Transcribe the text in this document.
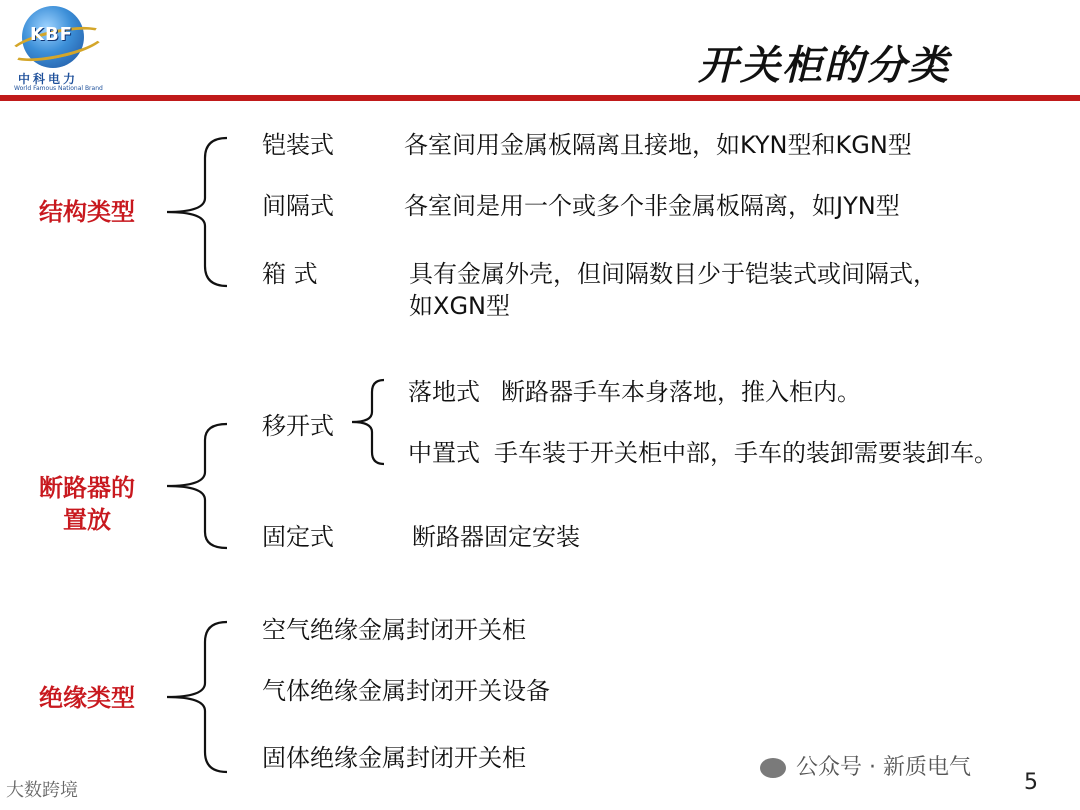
KBF
中科电力
World Famous National Brand	开关柜的分类
结构类型
铠装式	各室间用金属板隔离且接地，如KYN型和KGN型
间隔式	各室间是用一个或多个非金属板隔离，如JYN型
箱 式	具有金属外壳，但间隔数目少于铠装式或间隔式，
如XGN型
断路器的
置放
移开式
落地式 断路器手车本身落地，推入柜内。
中置式 手车装于开关柜中部，手车的装卸需要装卸车。
固定式	断路器固定安装
绝缘类型
空气绝缘金属封闭开关柜
气体绝缘金属封闭开关设备
固体绝缘金属封闭开关柜	公众号 · 新质电气
5
大数跨境
